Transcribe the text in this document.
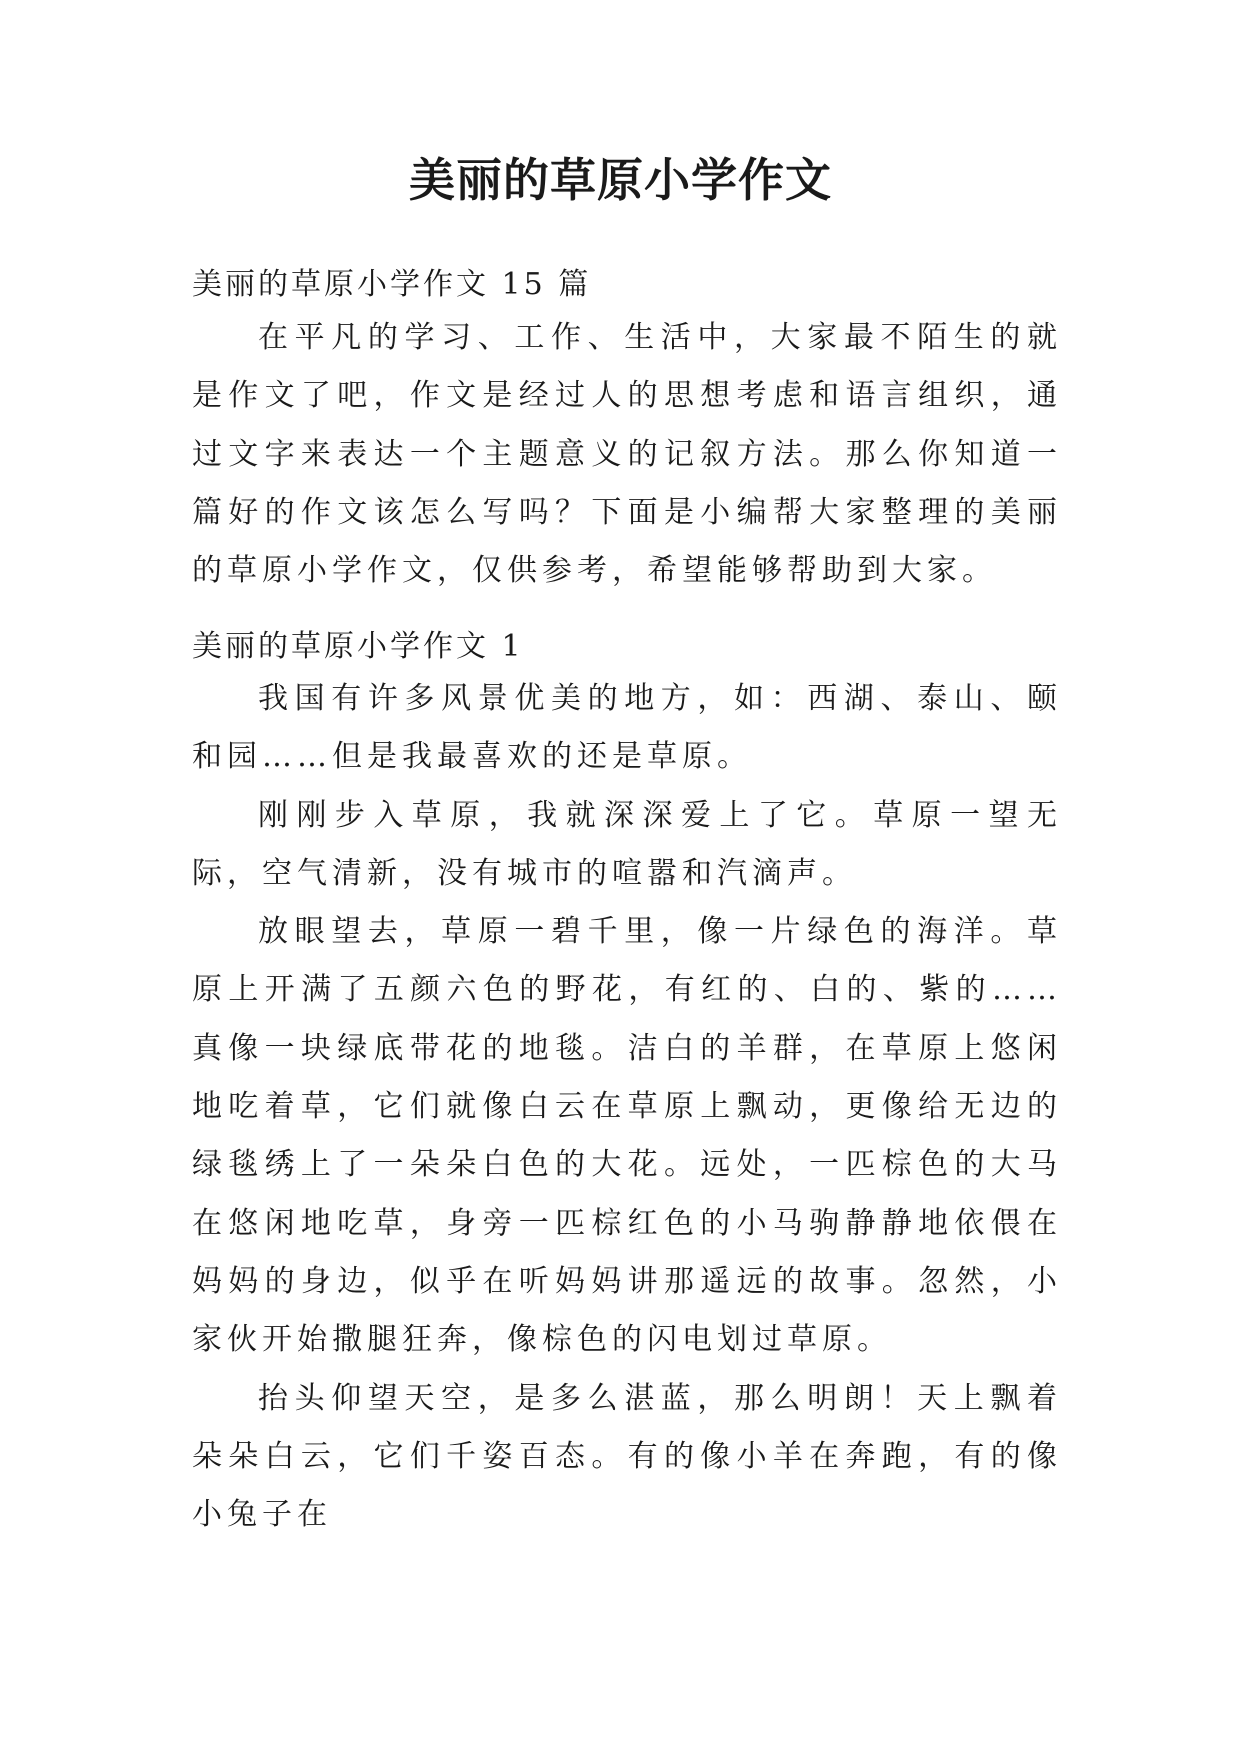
美丽的草原小学作文

美丽的草原小学作文 15 篇

在平凡的学习、工作、生活中，大家最不陌生的就是作文了吧，作文是经过人的思想考虑和语言组织，通过文字来表达一个主题意义的记叙方法。那么你知道一篇好的作文该怎么写吗？下面是小编帮大家整理的美丽的草原小学作文，仅供参考，希望能够帮助到大家。

美丽的草原小学作文 1

我国有许多风景优美的地方，如：西湖、泰山、颐和园……但是我最喜欢的还是草原。

刚刚步入草原，我就深深爱上了它。草原一望无际，空气清新，没有城市的喧嚣和汽滴声。

放眼望去，草原一碧千里，像一片绿色的海洋。草原上开满了五颜六色的野花，有红的、白的、紫的……真像一块绿底带花的地毯。洁白的羊群，在草原上悠闲地吃着草，它们就像白云在草原上飘动，更像给无边的绿毯绣上了一朵朵白色的大花。远处，一匹棕色的大马在悠闲地吃草，身旁一匹棕红色的小马驹静静地依偎在妈妈的身边，似乎在听妈妈讲那遥远的故事。忽然，小家伙开始撒腿狂奔，像棕色的闪电划过草原。

抬头仰望天空，是多么湛蓝，那么明朗！天上飘着朵朵白云，它们千姿百态。有的像小羊在奔跑，有的像小兔子在
